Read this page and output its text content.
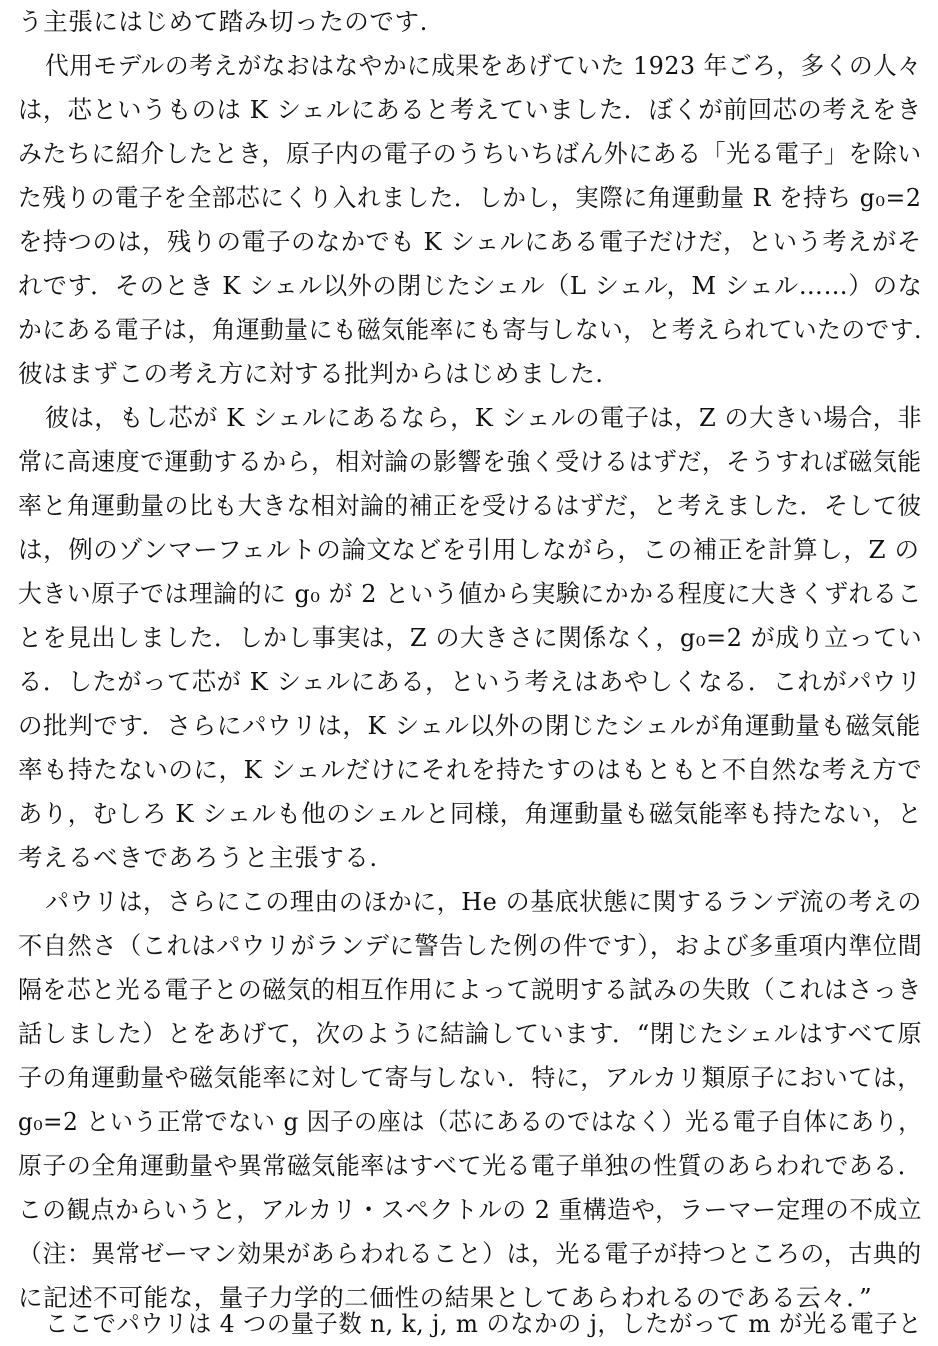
う主張にはじめて踏み切ったのです.
代用モデルの考えがなおはなやかに成果をあげていた 1923 年ごろ，多くの人々
は，芯というものは K シェルにあると考えていました．ぼくが前回芯の考えをき
みたちに紹介したとき，原子内の電子のうちいちばん外にある「光る電子」を除い
た残りの電子を全部芯にくり入れました．しかし，実際に角運動量 R を持ち g₀=2
を持つのは，残りの電子のなかでも K シェルにある電子だけだ，という考えがそ
れです．そのとき K シェル以外の閉じたシェル（L シェル，M シェル……）のな
かにある電子は，角運動量にも磁気能率にも寄与しない，と考えられていたのです.
彼はまずこの考え方に対する批判からはじめました.
彼は，もし芯が K シェルにあるなら，K シェルの電子は，Z の大きい場合，非
常に高速度で運動するから，相対論の影響を強く受けるはずだ，そうすれば磁気能
率と角運動量の比も大きな相対論的補正を受けるはずだ，と考えました．そして彼
は，例のゾンマーフェルトの論文などを引用しながら，この補正を計算し，Z の
大きい原子では理論的に g₀ が 2 という値から実験にかかる程度に大きくずれるこ
とを見出しました．しかし事実は，Z の大きさに関係なく，g₀=2 が成り立ってい
る．したがって芯が K シェルにある，という考えはあやしくなる．これがパウリ
の批判です．さらにパウリは，K シェル以外の閉じたシェルが角運動量も磁気能
率も持たないのに，K シェルだけにそれを持たすのはもともと不自然な考え方で
あり，むしろ K シェルも他のシェルと同様，角運動量も磁気能率も持たない，と
考えるべきであろうと主張する.
パウリは，さらにこの理由のほかに，He の基底状態に関するランデ流の考えの
不自然さ（これはパウリがランデに警告した例の件です），および多重項内準位間
隔を芯と光る電子との磁気的相互作用によって説明する試みの失敗（これはさっき
話しました）とをあげて，次のように結論しています．“閉じたシェルはすべて原
子の角運動量や磁気能率に対して寄与しない．特に，アルカリ類原子においては，
g₀=2 という正常でない g 因子の座は（芯にあるのではなく）光る電子自体にあり，
原子の全角運動量や異常磁気能率はすべて光る電子単独の性質のあらわれである．
この観点からいうと，アルカリ・スペクトルの 2 重構造や，ラーマー定理の不成立
（注：異常ゼーマン効果があらわれること）は，光る電子が持つところの，古典的
に記述不可能な，量子力学的二価性の結果としてあらわれるのである云々．”
ここでパウリは 4 つの量子数 n, k, j, m のなかの j，したがって m が光る電子と
